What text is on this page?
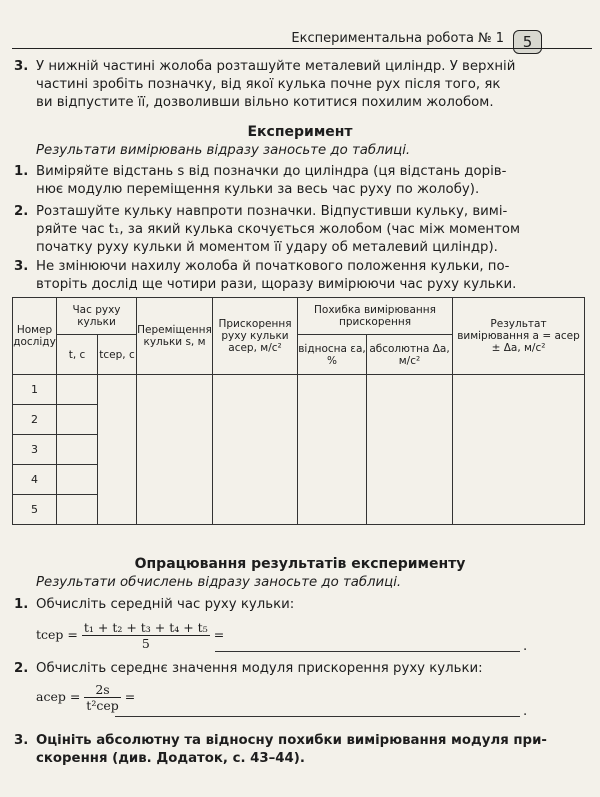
Експериментальна робота № 1	5
3. У нижній частині жолоба розташуйте металевий циліндр. У верхній
частині зробіть позначку, від якої кулька почне рух після того, як
ви відпустите її, дозволивши вільно котитися похилим жолобом.
Експеримент
Результати вимірювань відразу заносьте до таблиці.
1. Виміряйте відстань s від позначки до циліндра (ця відстань дорів-
нює модулю переміщення кульки за весь час руху по жолобу).
2. Розташуйте кульку навпроти позначки. Відпустивши кульку, вимі-
ряйте час t₁, за який кулька скочується жолобом (час між моментом
початку руху кульки й моментом її удару об металевий циліндр).
3. Не змінюючи нахилу жолоба й початкового положення кульки, по-
вторіть дослід ще чотири рази, щоразу вимірюючи час руху кульки.
Номер досліду	Час руху кульки		Переміщення кульки s, м	Прискорення руху кульки aсер, м/с²	Похибка вимірювання прискорення		Результат вимірювання a = aсер ± Δa, м/с²
	t, c	tсер, c			відносна εa, %	абсолютна Δa, м/с²	
1							
2							
3							
4							
5							
Опрацювання результатів експерименту
Результати обчислень відразу заносьте до таблиці.
1. Обчисліть середній час руху кульки:
tсер = $\frac{\text{t₁ + t₂ + t₃ + t₄ + t₅}}{5}$ =
.
2. Обчисліть середнє значення модуля прискорення руху кульки:
aсер = $\frac{2s}{\text{t²сер}}$ =
.
3. Оцініть абсолютну та відносну похибки вимірювання модуля при-
скорення (див. Додаток, с. 43–44).
